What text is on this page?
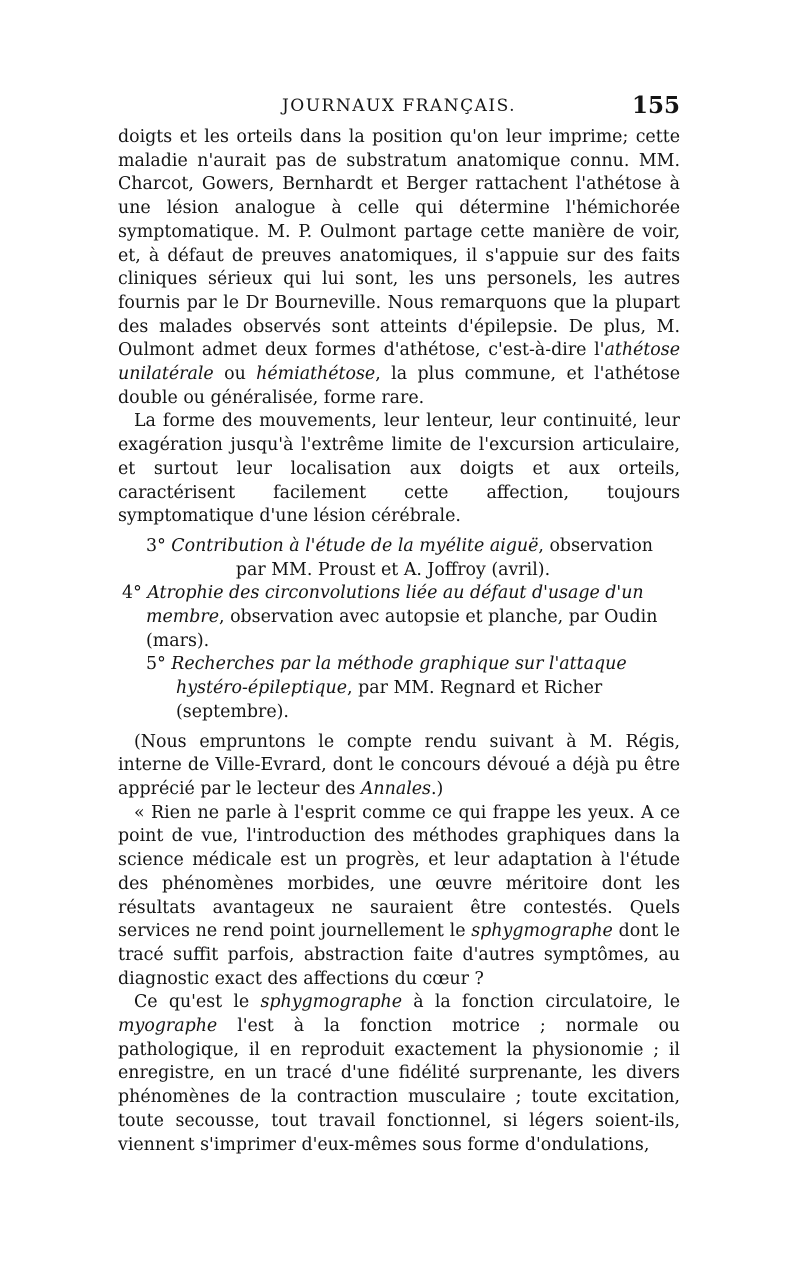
JOURNAUX FRANÇAIS.	155

doigts et les orteils dans la position qu'on leur imprime; cette maladie n'aurait pas de substratum anatomique connu. MM. Charcot, Gowers, Bernhardt et Berger rattachent l'athétose à une lésion analogue à celle qui détermine l'hémichorée symptomatique. M. P. Oulmont partage cette manière de voir, et, à défaut de preuves anatomiques, il s'appuie sur des faits cliniques sérieux qui lui sont, les uns personels, les autres fournis par le Dr Bourneville. Nous remarquons que la plupart des malades observés sont atteints d'épilepsie. De plus, M. Oulmont admet deux formes d'athétose, c'est-à-dire l'athétose unilatérale ou hémiathétose, la plus commune, et l'athétose double ou généralisée, forme rare.

La forme des mouvements, leur lenteur, leur continuité, leur exagération jusqu'à l'extrême limite de l'excursion articulaire, et surtout leur localisation aux doigts et aux orteils, caractérisent facilement cette affection, toujours symptomatique d'une lésion cérébrale.

3° Contribution à l'étude de la myélite aiguë, observation
par MM. Proust et A. Joffroy (avril).
4° Atrophie des circonvolutions liée au défaut d'usage d'un membre, observation avec autopsie et planche, par Oudin (mars).
5° Recherches par la méthode graphique sur l'attaque hystéro-épileptique, par MM. Regnard et Richer (septembre).

(Nous empruntons le compte rendu suivant à M. Régis, interne de Ville-Evrard, dont le concours dévoué a déjà pu être apprécié par le lecteur des Annales.)

« Rien ne parle à l'esprit comme ce qui frappe les yeux. A ce point de vue, l'introduction des méthodes graphiques dans la science médicale est un progrès, et leur adaptation à l'étude des phénomènes morbides, une œuvre méritoire dont les résultats avantageux ne sauraient être contestés. Quels services ne rend point journellement le sphygmographe dont le tracé suffit parfois, abstraction faite d'autres symptômes, au diagnostic exact des affections du cœur ?

Ce qu'est le sphygmographe à la fonction circulatoire, le myographe l'est à la fonction motrice ; normale ou pathologique, il en reproduit exactement la physionomie ; il enregistre, en un tracé d'une fidélité surprenante, les divers phénomènes de la contraction musculaire ; toute excitation, toute secousse, tout travail fonctionnel, si légers soient-ils, viennent s'imprimer d'eux-mêmes sous forme d'ondulations,
